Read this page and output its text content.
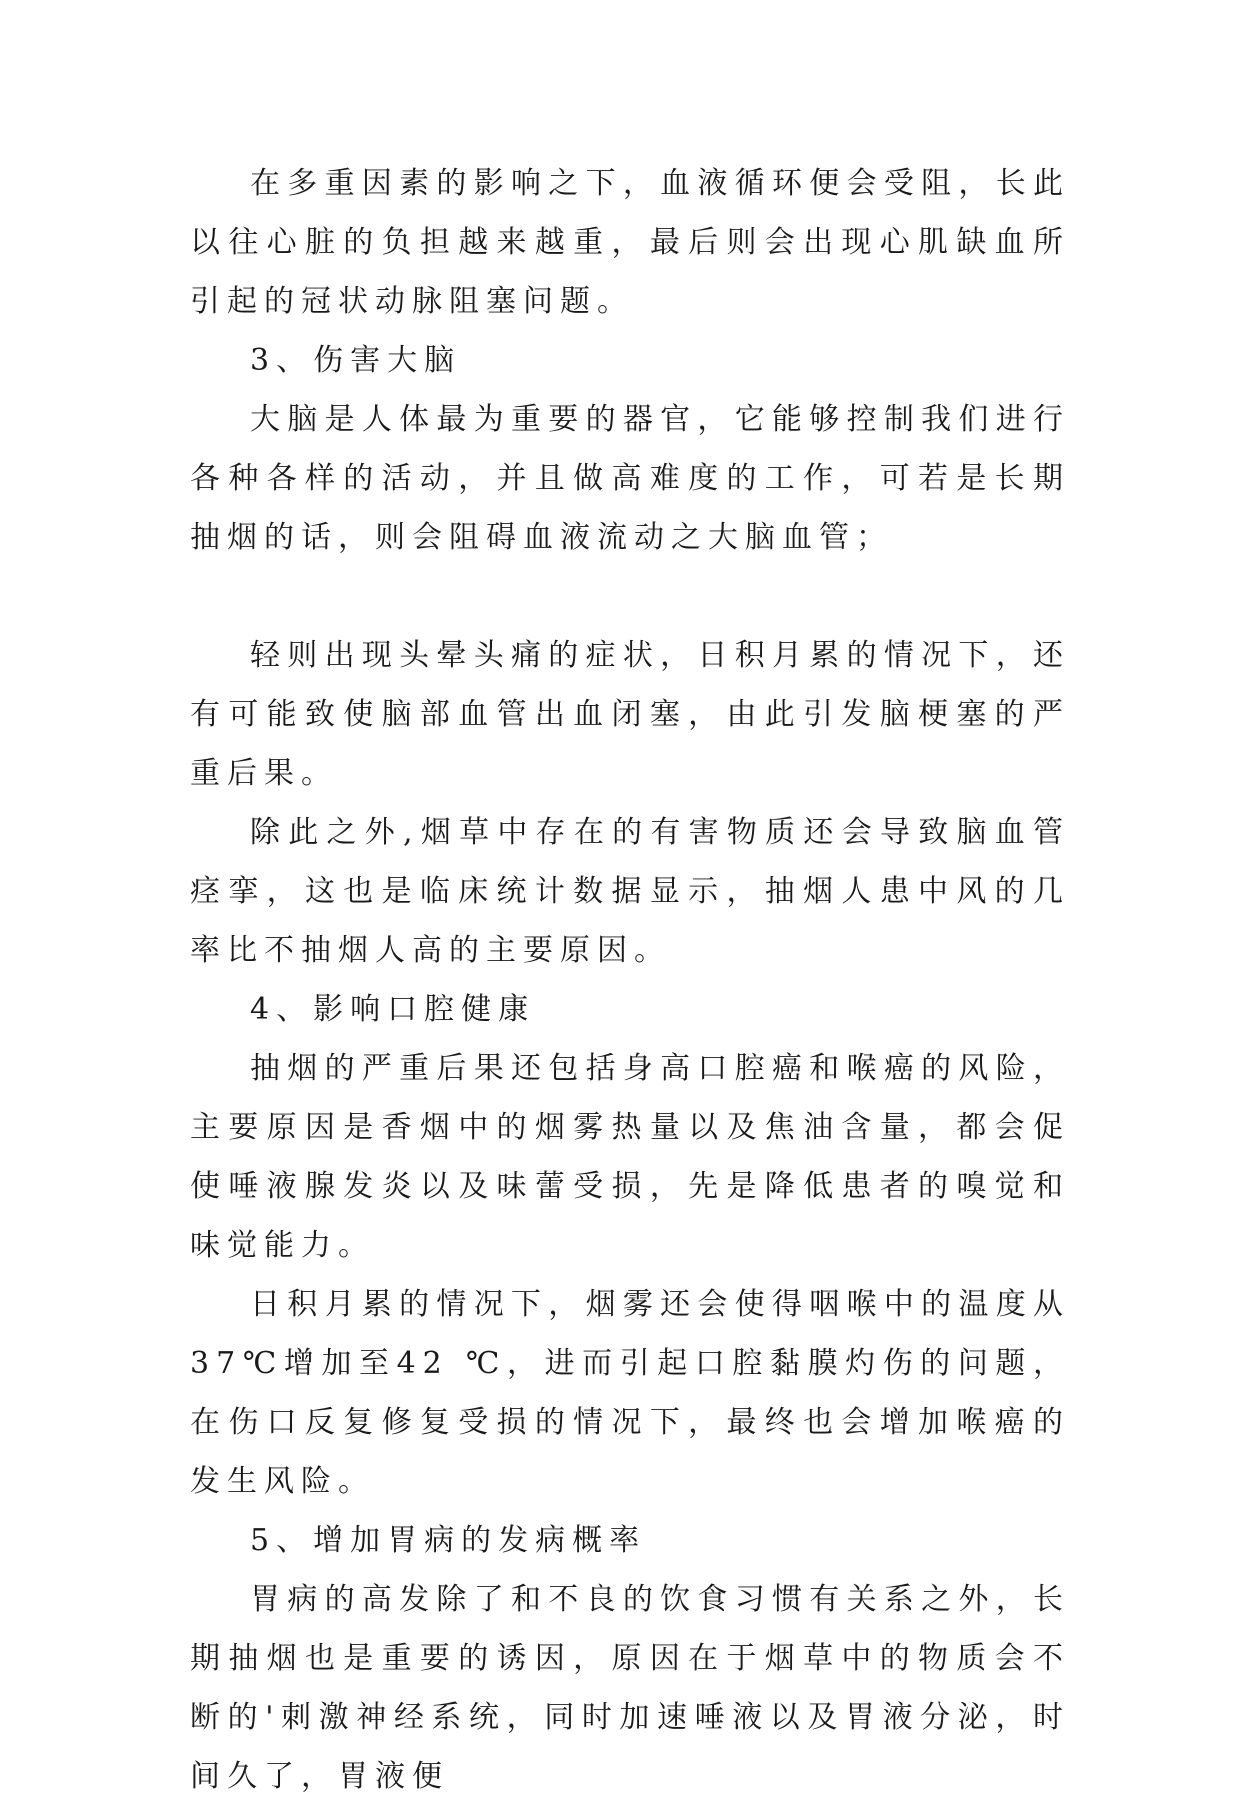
在多重因素的影响之下，血液循环便会受阻，长此以往心脏的负担越来越重，最后则会出现心肌缺血所引起的冠状动脉阻塞问题。

3、伤害大脑

大脑是人体最为重要的器官，它能够控制我们进行各种各样的活动，并且做高难度的工作，可若是长期抽烟的话，则会阻碍血液流动之大脑血管；

轻则出现头晕头痛的症状，日积月累的情况下，还有可能致使脑部血管出血闭塞，由此引发脑梗塞的严重后果。

除此之外,烟草中存在的有害物质还会导致脑血管痉挛，这也是临床统计数据显示，抽烟人患中风的几率比不抽烟人高的主要原因。

4、影响口腔健康

抽烟的严重后果还包括身高口腔癌和喉癌的风险，主要原因是香烟中的烟雾热量以及焦油含量，都会促使唾液腺发炎以及味蕾受损，先是降低患者的嗅觉和味觉能力。

日积月累的情况下，烟雾还会使得咽喉中的温度从37℃增加至42 ℃，进而引起口腔黏膜灼伤的问题，在伤口反复修复受损的情况下，最终也会增加喉癌的发生风险。

5、增加胃病的发病概率

胃病的高发除了和不良的饮食习惯有关系之外，长期抽烟也是重要的诱因，原因在于烟草中的物质会不断的'刺激神经系统，同时加速唾液以及胃液分泌，时间久了，胃液便
